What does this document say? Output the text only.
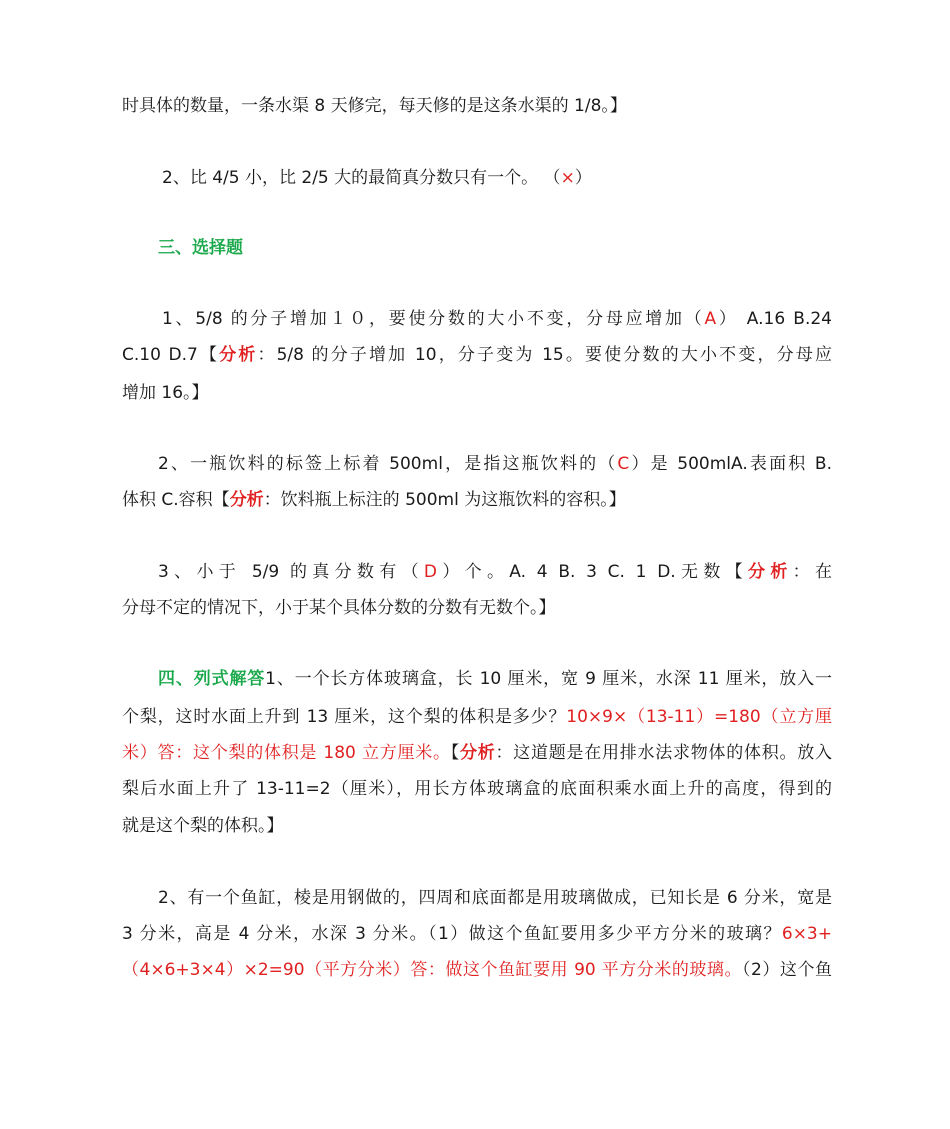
时具体的数量，一条水渠 8 天修完，每天修的是这条水渠的 1/8。】
2、比 4/5 小，比 2/5 大的最简真分数只有一个。 （×）
三、选择题
1、5/8 的分子增加１０，要使分数的大小不变，分母应增加（A） A.16 B.24
C.10 D.7【分析：5/8 的分子增加 10，分子变为 15。要使分数的大小不变，分母应
增加 16。】
2、一瓶饮料的标签上标着 500ml，是指这瓶饮料的（C）是 500mlA.表面积 B.
体积 C.容积【分析：饮料瓶上标注的 500ml 为这瓶饮料的容积。】
3、小于 5/9 的真分数有（D）个。A. 4 B. 3 C. 1 D.无数【分析：在
分母不定的情况下，小于某个具体分数的分数有无数个。】
四、列式解答1、一个长方体玻璃盒，长 10 厘米，宽 9 厘米，水深 11 厘米，放入一
个梨，这时水面上升到 13 厘米，这个梨的体积是多少？10×9×（13-11）=180（立方厘
米）答：这个梨的体积是 180 立方厘米。【分析：这道题是在用排水法求物体的体积。放入
梨后水面上升了 13-11=2（厘米），用长方体玻璃盒的底面积乘水面上升的高度，得到的
就是这个梨的体积。】
2、有一个鱼缸，棱是用钢做的，四周和底面都是用玻璃做成，已知长是 6 分米，宽是
3 分米，高是 4 分米，水深 3 分米。（1）做这个鱼缸要用多少平方分米的玻璃？6×3+
（4×6+3×4）×2=90（平方分米）答：做这个鱼缸要用 90 平方分米的玻璃。（2）这个鱼
